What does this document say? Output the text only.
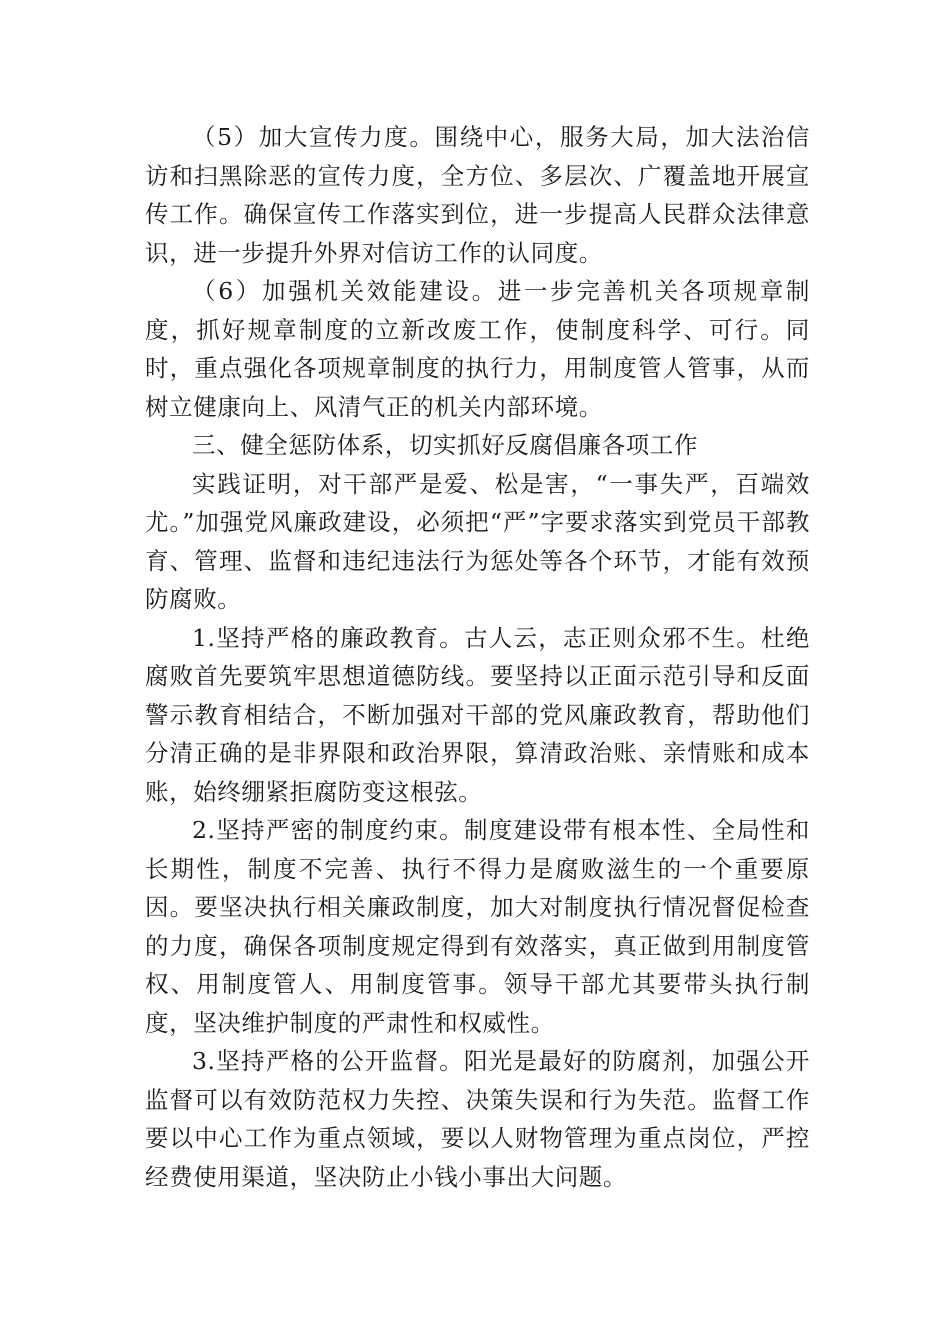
（5）加大宣传力度。围绕中心，服务大局，加大法治信访和扫黑除恶的宣传力度，全方位、多层次、广覆盖地开展宣传工作。确保宣传工作落实到位，进一步提高人民群众法律意识，进一步提升外界对信访工作的认同度。

（6）加强机关效能建设。进一步完善机关各项规章制度，抓好规章制度的立新改废工作，使制度科学、可行。同时，重点强化各项规章制度的执行力，用制度管人管事，从而树立健康向上、风清气正的机关内部环境。

三、健全惩防体系，切实抓好反腐倡廉各项工作

实践证明，对干部严是爱、松是害，“一事失严，百端效尤。”加强党风廉政建设，必须把“严”字要求落实到党员干部教育、管理、监督和违纪违法行为惩处等各个环节，才能有效预防腐败。

1.坚持严格的廉政教育。古人云，志正则众邪不生。杜绝腐败首先要筑牢思想道德防线。要坚持以正面示范引导和反面警示教育相结合，不断加强对干部的党风廉政教育，帮助他们分清正确的是非界限和政治界限，算清政治账、亲情账和成本账，始终绷紧拒腐防变这根弦。

2.坚持严密的制度约束。制度建设带有根本性、全局性和长期性，制度不完善、执行不得力是腐败滋生的一个重要原因。要坚决执行相关廉政制度，加大对制度执行情况督促检查的力度，确保各项制度规定得到有效落实，真正做到用制度管权、用制度管人、用制度管事。领导干部尤其要带头执行制度，坚决维护制度的严肃性和权威性。

3.坚持严格的公开监督。阳光是最好的防腐剂，加强公开监督可以有效防范权力失控、决策失误和行为失范。监督工作要以中心工作为重点领域，要以人财物管理为重点岗位，严控经费使用渠道，坚决防止小钱小事出大问题。
